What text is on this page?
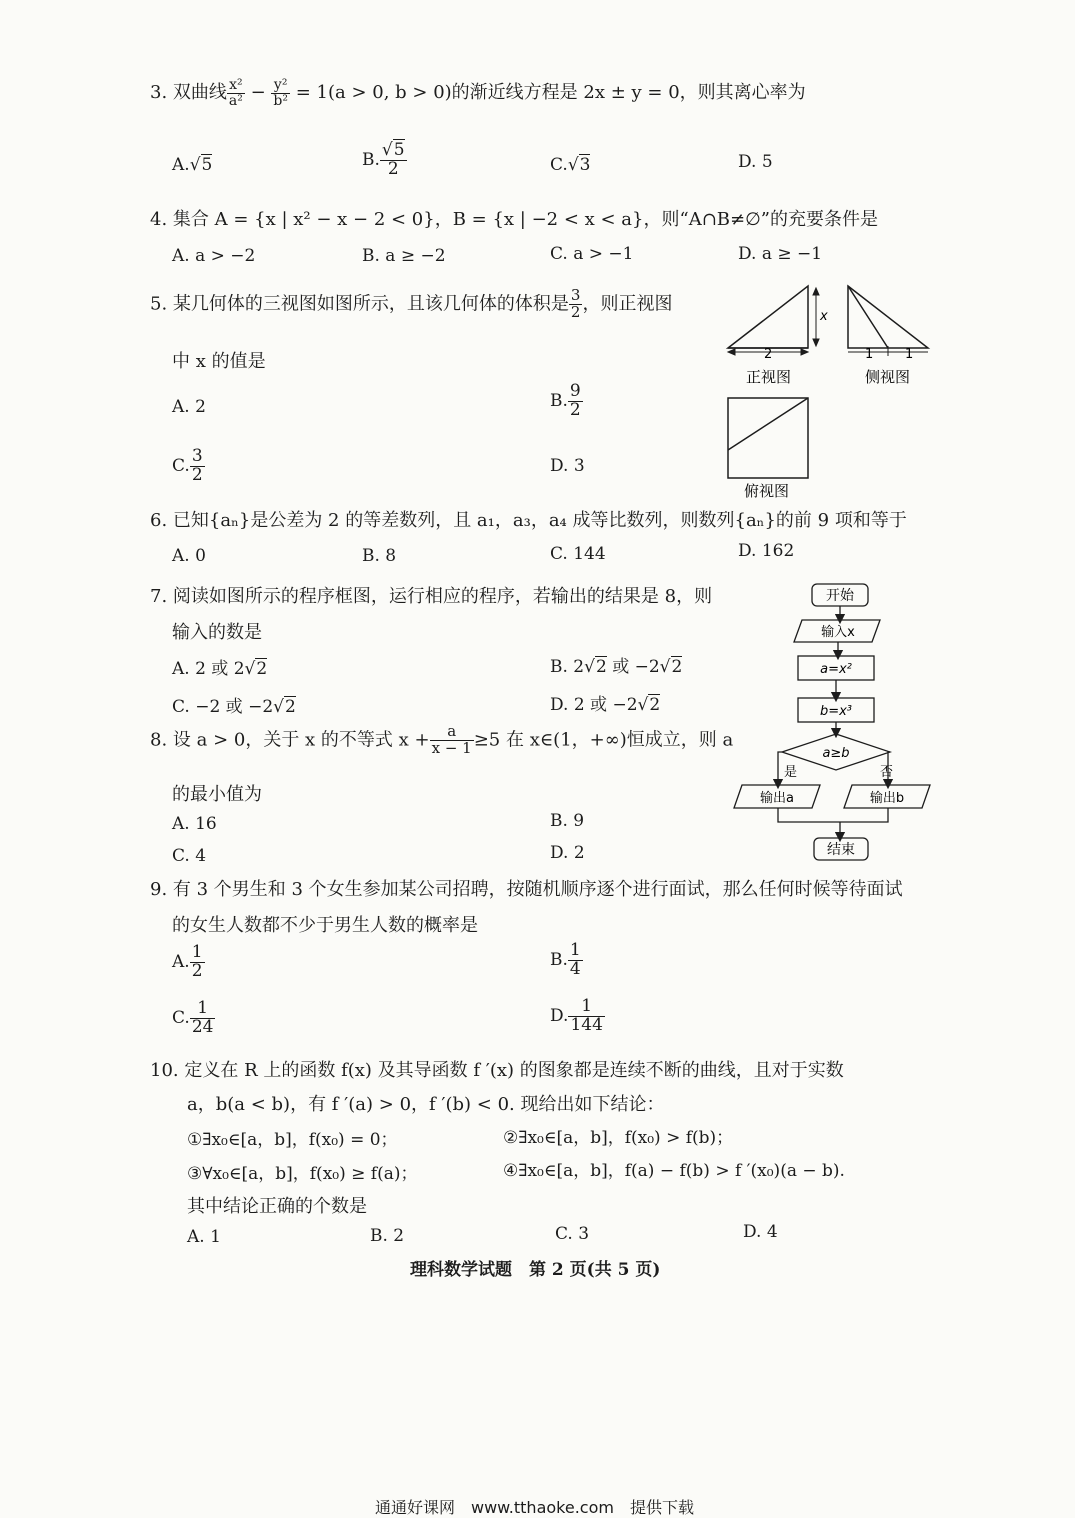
3. 双曲线 $\frac{\text{x²}}{\text{a²}} - \frac{\text{y²}}{\text{b²}} = 1(a > 0$, b > 0)的渐近线方程是 2x ± y = 0，则其离心率为
A.√5	B. $\frac{√5}{2}$	C.√3	D. 5
4. 集合 A = {x | x² − x − 2 < 0}，B = {x | −2 < x < a}，则“A∩B≠∅”的充要条件是
A. a > −2	B. a ≥ −2	C. a > −1	D. a ≥ −1
5. 某几何体的三视图如图所示，且该几何体的体积是 $\frac{3}{2}$ ，则正视图
中 x 的值是
A. 2	B. $\frac{9}{2}$
C. $\frac{3}{2}$	D. 3
x
2
正视图
1 1
侧视图
俯视图
6. 已知{aₙ}是公差为 2 的等差数列，且 a₁，a₃，a₄ 成等比数列，则数列{aₙ}的前 9 项和等于
A. 0	B. 8	C. 144	D. 162
7. 阅读如图所示的程序框图，运行相应的程序，若输出的结果是 8，则
输入的数是
A. 2 或 2√2	B. 2√2 或 −2√2
C. −2 或 −2√2	D. 2 或 −2√2
开始
输入x
a=x²
b=x³
a≥b
是	否
输出a	输出b
结束
8. 设 a > 0，关于 x 的不等式 $x + \frac{a}{x - 1} \ge 5$ 在 x∈(1，+∞)恒成立，则 a
的最小值为
A. 16	B. 9
C. 4	D. 2
9. 有 3 个男生和 3 个女生参加某公司招聘，按随机顺序逐个进行面试，那么任何时候等待面试
的女生人数都不少于男生人数的概率是
A. $\frac{1}{2}$	B. $\frac{1}{4}$
C. $\frac{1}{24}$	D. $\frac{1}{144}$
10. 定义在 R 上的函数 f(x) 及其导函数 f ′(x) 的图象都是连续不断的曲线，且对于实数
a，b(a < b)，有 f ′(a) > 0，f ′(b) < 0. 现给出如下结论：
①∃x₀∈[a，b]，f(x₀) = 0；	②∃x₀∈[a，b]，f(x₀) > f(b)；
③∀x₀∈[a，b]，f(x₀) ≥ f(a)；	④∃x₀∈[a，b]，f(a) − f(b) > f ′(x₀)(a − b).
其中结论正确的个数是
A. 1	B. 2	C. 3	D. 4
理科数学试题　第 2 页(共 5 页)
通通好课网　www.tthaoke.com　提供下载
